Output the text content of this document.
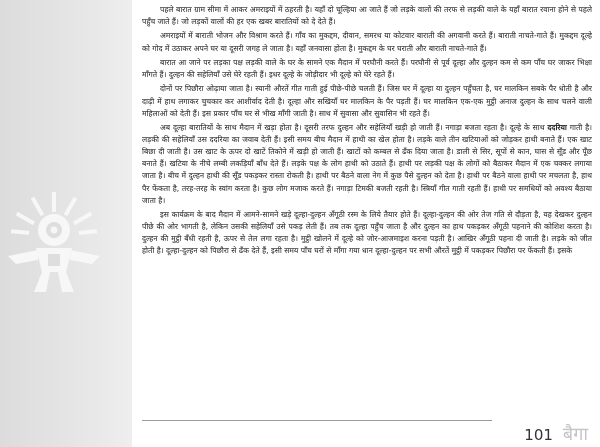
पहले बारात ग्राम सीमा में आकर अमराइयों में ठहरती है। यहाँ दो चूल्हिया आ जाते हैं जो लड़के वालों की तरफ से लड़की वाले के यहाँ बारात रवाना होने से पहले पहुँच जाते हैं। जो लड़कों वालों की हर एक खबर बारातियों को दे देते हैं।

अमराइयों में बाराती भोजन और विश्राम करते हैं। गाँव का मुकद्दम, दीवान, समरथ या कोटवार बाराती की अगवानी करते हैं। बाराती नाचते-गाते हैं। मुकद्दम दूल्हे को गोद में उठाकर अपने घर या दूसरी जगह ले जाता है। यहाँ जनवासा होता है। मुकद्दम के घर घराती और बाराती नाचते-गाते हैं।

बारात आ जाने पर लड़का पक्ष लड़की वाले के घर के सामने एक मैदान में परघौनी करते हैं। परघौनी से पूर्व दूल्हा और दुल्हन कम से कम पाँच घर जाकर भिक्षा माँगते हैं। दुल्हन की सहेलियाँ उसे घेरे रहती हैं। इधर दूल्हे के जोड़ीदार भी दूल्हे को घेरे रहते हैं।

दोनों पर पिछौरा ओढ़ाया जाता है। स्यानी औरतें गीत गाती हुई पीछे-पीछे चलती हैं। जिस घर में दूल्हा या दुल्हन पहुँचता है, घर मालकिन सबके पैर धोती है और दाढ़ी में हाथ लगाकर चुचकार कर आशीर्वाद देती है। दूल्हा और सखियाँ घर मालकिन के पैर पड़ती हैं। घर मालकिन एक-एक मुट्ठी अनाज दुल्हन के साथ चलने वाली महिलाओं को देती हैं। इस प्रकार पाँच घर से भीख माँगी जाती है। साथ में सुवासा और सुवासिन भी रहते हैं।

अब दूल्हा बारातियों के साथ मैदान में खड़ा होता है। दूसरी तरफ दुल्हन और सहेलियाँ खड़ी हो जाती हैं। नगाड़ा बजता रहता है। दूल्हे के साथ ददरिया गाती है। लड़की की सहेलियाँ उस ददरिया का जवाब देती हैं। इसी समय बीच मैदान में हाथी का खेल होता है। लड़के वाले तीन खटियाओं को जोड़कर हाथी बनाते हैं। एक खाट बिछा दी जाती है। उस खाट के ऊपर दो खाटें तिकोने में खड़ी हो जाती हैं। खाटों को कम्बल से ढँक दिया जाता है। डाली से सिर, सूपों से कान, घास से सूँड और पूँछ बनाते हैं। खटिया के नीचे लम्बी लकड़ियाँ बाँध देते हैं। लड़के पक्ष के लोग हाथी को उठाते हैं। हाथी पर लड़की पक्ष के लोगों को बैठाकर मैदान में एक चक्कर लगाया जाता है। बीच में दुल्हन हाथी की सूँड पकड़कर रास्ता रोकती है। हाथी पर बैठने वाला नेग में कुछ पैसे दुल्हन को देता है। हाथी पर बैठने वाला हाथी पर मचलता है, हाथ पैर फेंकता है, तरह-तरह के स्वांग करता है। कुछ लोग मजाक करते हैं। नगाड़ा टिमकी बजती रहती है। स्त्रियाँ गीत गाती रहती हैं। हाथी पर समधियों को अवश्य बैठाया जाता है।

इस कार्यक्रम के बाद मैदान में आमने-सामने खड़े दूल्हा-दुल्हन अँगूठी रस्म के लिये तैयार होते हैं। दूल्हा-दुल्हन की ओर तेज गति से दौड़ता है, यह देखकर दुल्हन पीछे की ओर भागती है, लेकिन उसकी सहेलियाँ उसे पकड़ लेती हैं। तब तक दूल्हा पहुँच जाता है और दुल्हन का हाथ पकड़कर अँगूठी पहनाने की कोशिश करता है। दुल्हन की मुट्ठी बँधी रहती है, ऊपर से तेल लगा रहता है। मुट्ठी खोलने में दूल्हे को जोर-आजमाइश करना पड़ती है। आखिर अँगूठी पहना दी जाती है। लड़के को जीत होती है। दूल्हा-दुल्हन को पिछौरा से ढँक देते हैं, इसी समय पाँच घरों से माँगा गया धान दूल्हा-दुल्हन पर सभी औरतें मुट्ठी में पकड़कर पिछौरा पर फेंकती हैं। इसके

101 बैगा
